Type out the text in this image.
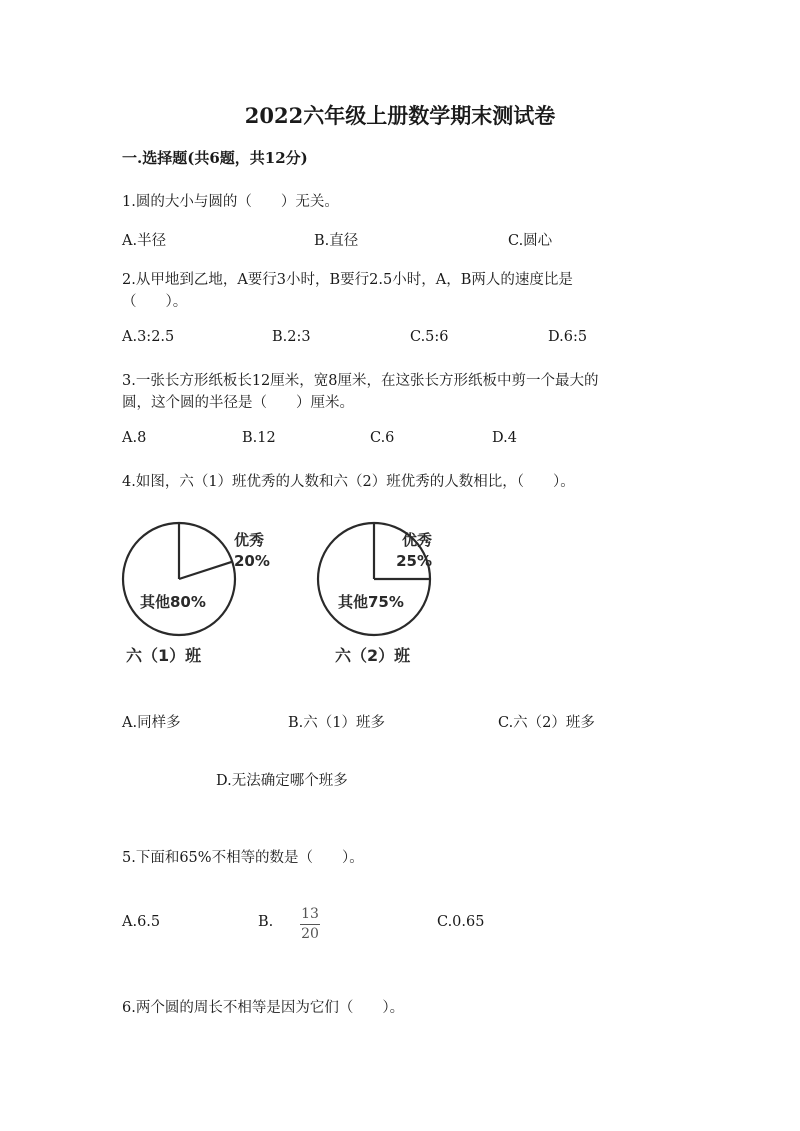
2022六年级上册数学期末测试卷
一.选择题(共6题，共12分)
1.圆的大小与圆的（　　）无关。
A.半径	B.直径	C.圆心
2.从甲地到乙地，A要行3小时，B要行2.5小时，A，B两人的速度比是
（　　）。
A.3:2.5	B.2:3	C.5:6	D.6:5
3.一张长方形纸板长12厘米，宽8厘米，在这张长方形纸板中剪一个最大的
圆，这个圆的半径是（　　）厘米。
A.8	B.12	C.6	D.4
4.如图，六（1）班优秀的人数和六（2）班优秀的人数相比，（　　）。
优秀
20%
其他80%
六（1）班
优秀
25%
其他75%
六（2）班
A.同样多	B.六（1）班多	C.六（2）班多
D.无法确定哪个班多
5.下面和65%不相等的数是（　　）。
A.6.5	B. 13
20
C.0.65
6.两个圆的周长不相等是因为它们（　　）。
